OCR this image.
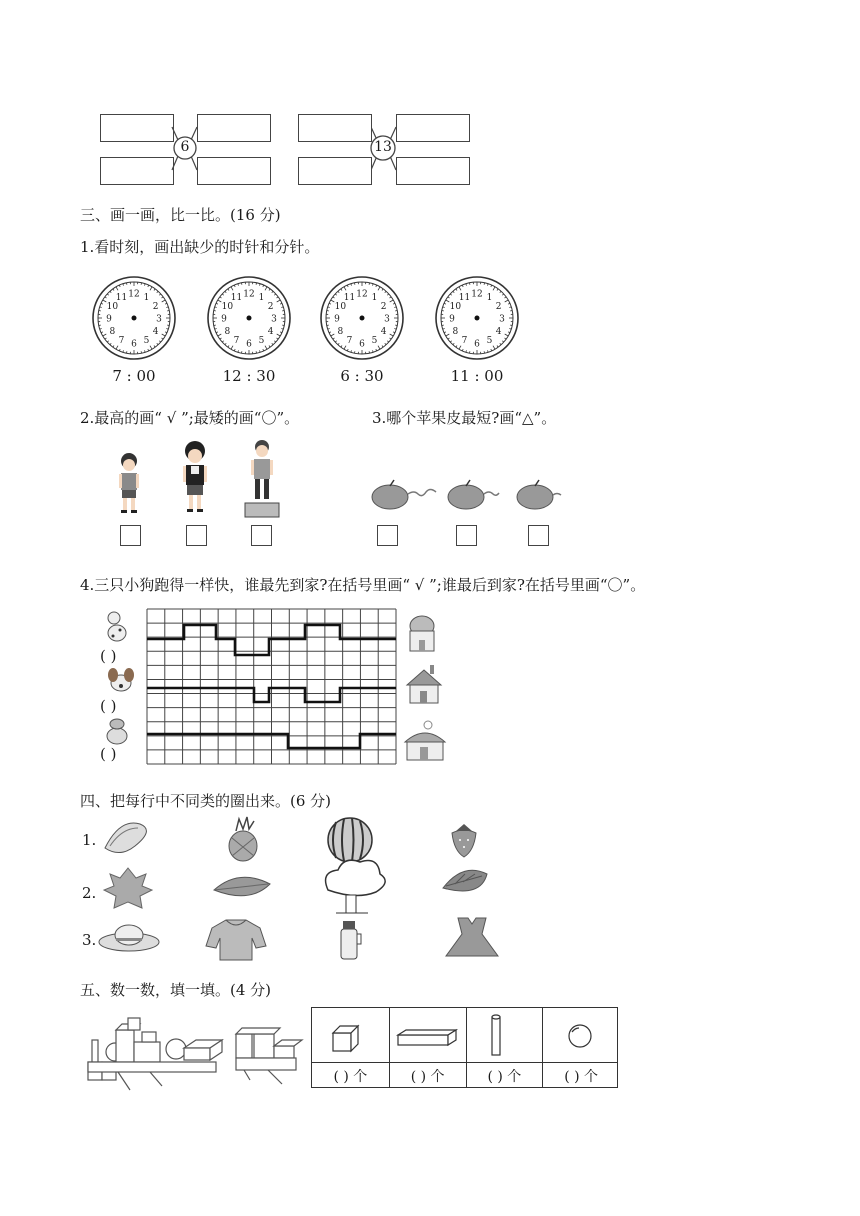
6	13
三、画一画，比一比。(16 分)
1.看时刻，画出缺少的时针和分针。
12 1
2
3
4
5
6
7
8
9
10
11
7 : 00
12 1
2
3
4
5
6
7
8
9
10
11
12 : 30
12 1
2
3
4
5
6
7
8
9
10
11
6 : 30
12 1
2
3
4
5
6
7
8
9
10
11
11 : 00
2.最高的画“ √ ”;最矮的画“〇”。	3.哪个苹果皮最短?画“△”。
4.三只小狗跑得一样快，谁最先到家?在括号里画“ √ ”;谁最后到家?在括号里画“〇”。
( )
( )
( )
四、把每行中不同类的圈出来。(6 分)
1.
2.
3.
五、数一数，填一填。(4 分)
( ) 个	( ) 个	( ) 个	( ) 个
